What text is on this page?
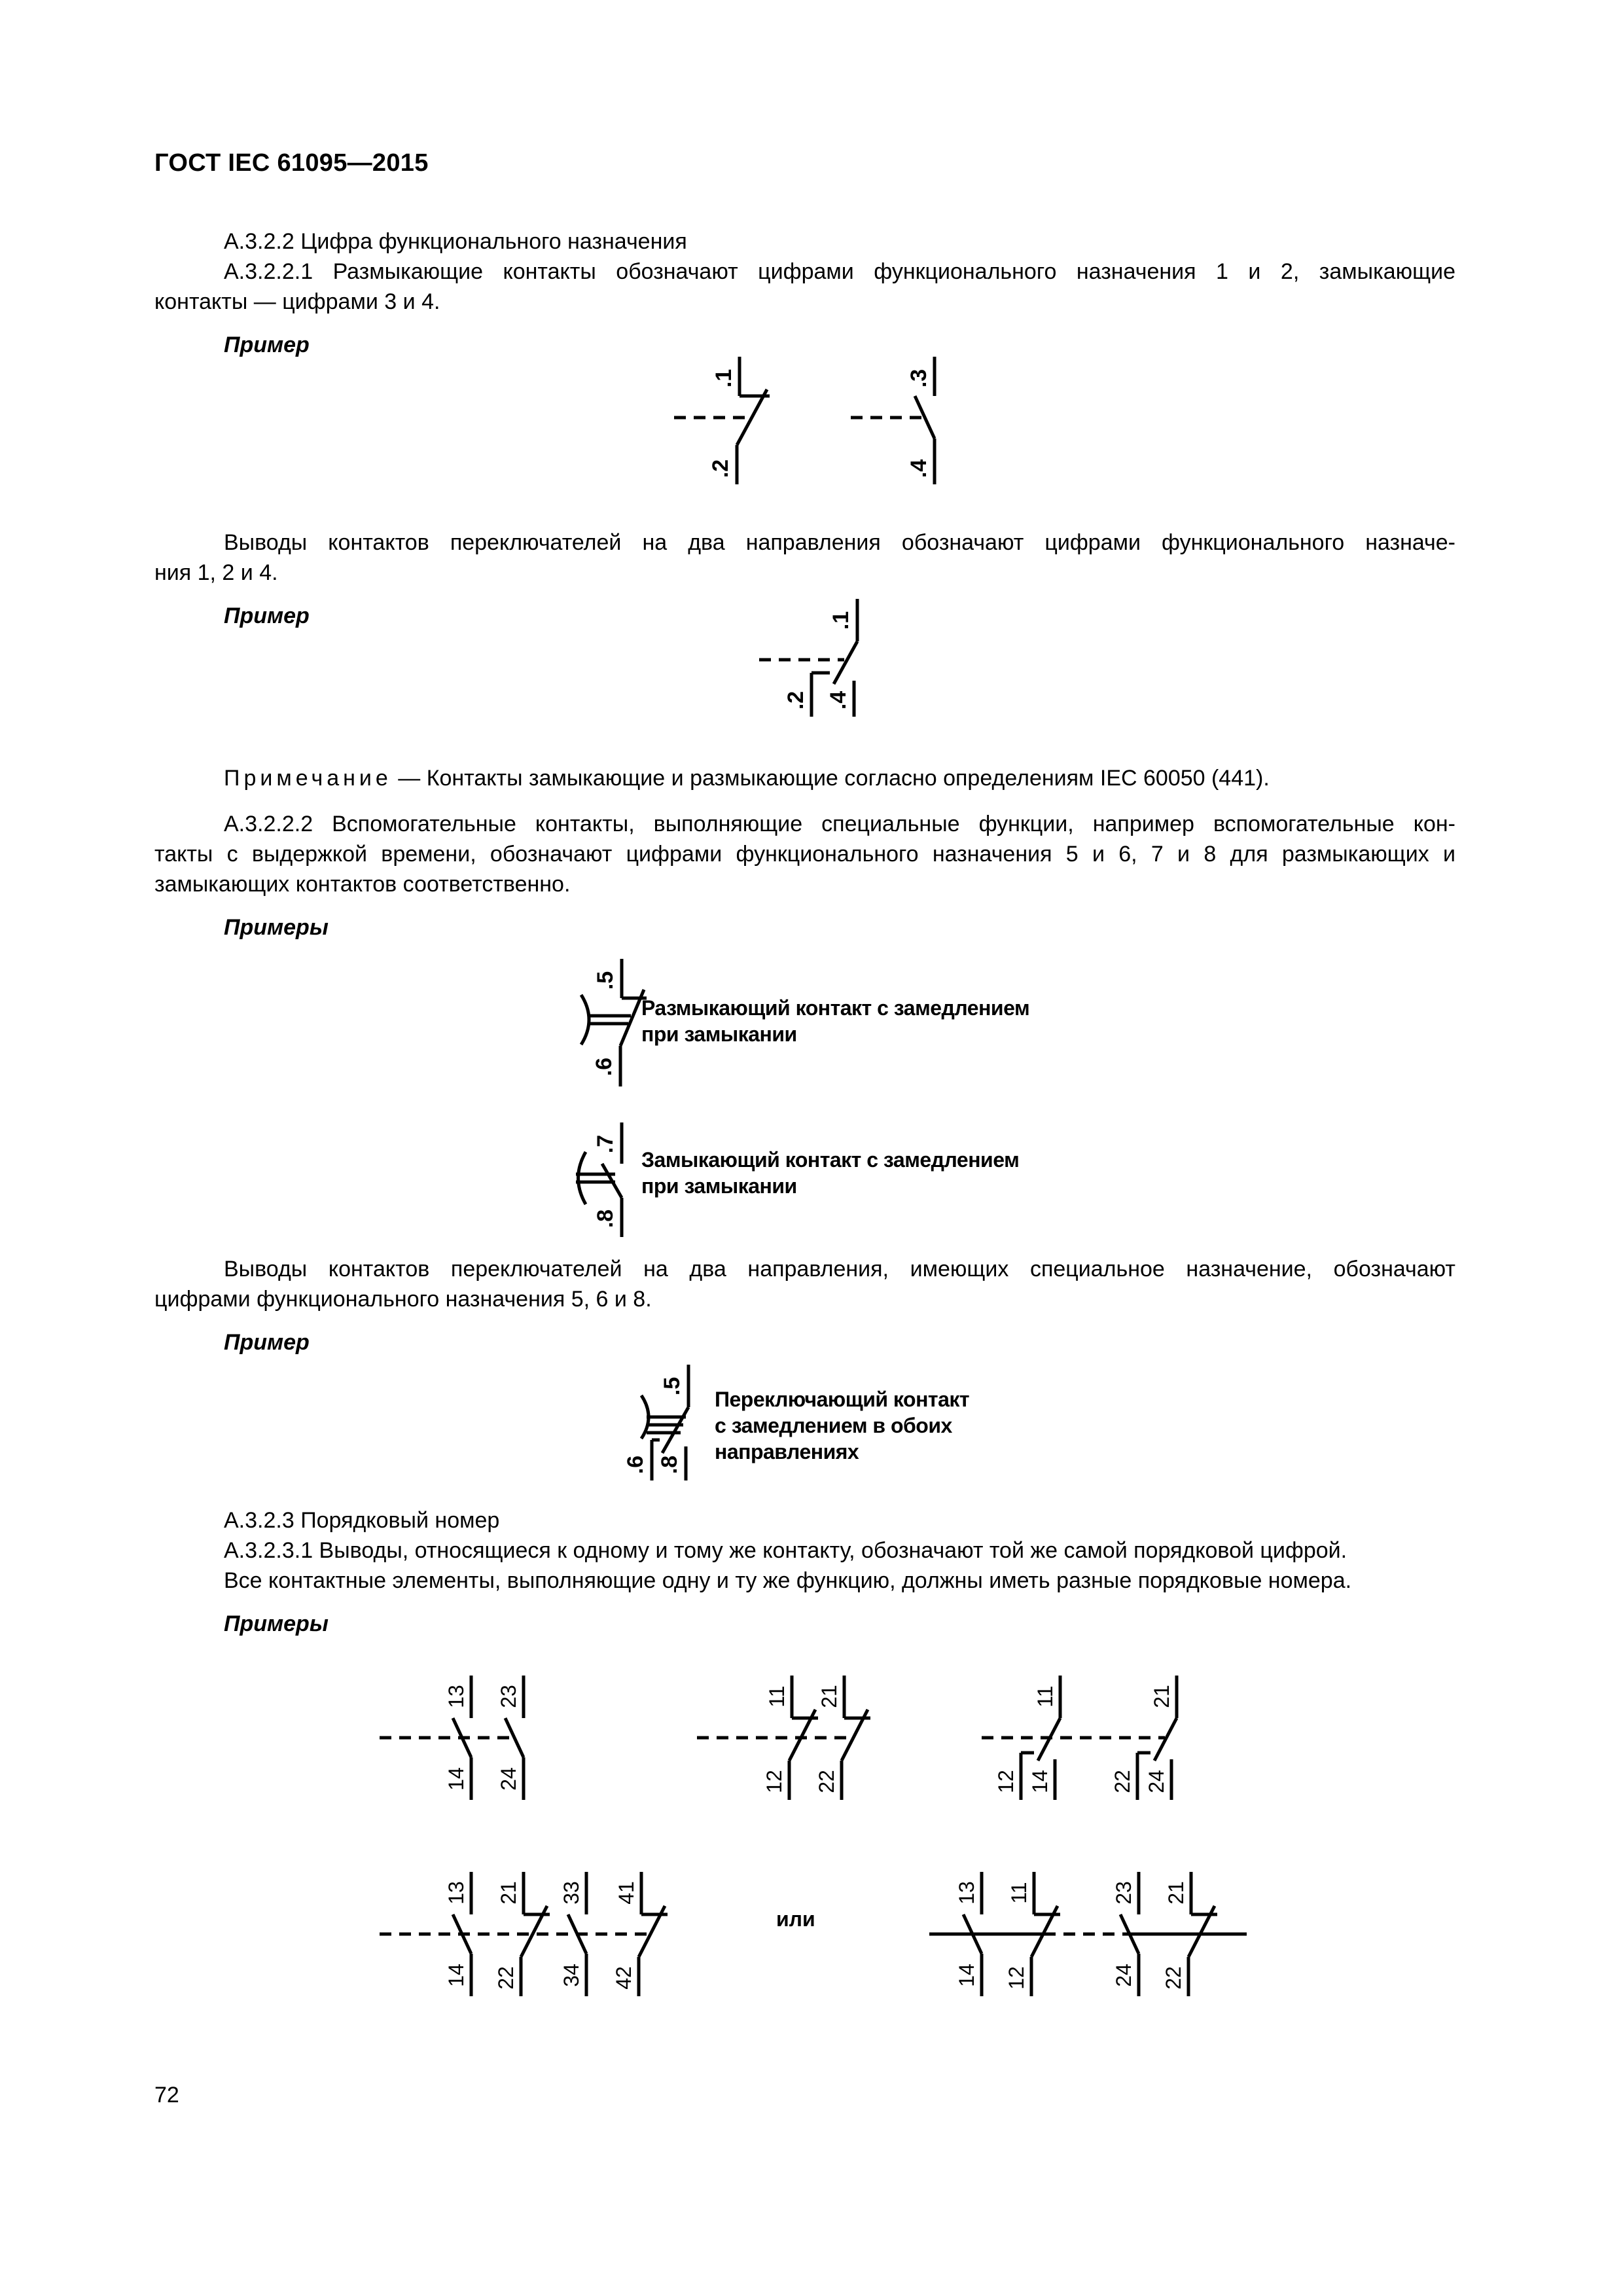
ГОСТ IEC 61095—2015
А.3.2.2 Цифра функционального назначения
А.3.2.2.1 Размыкающие контакты обозначают цифрами функционального назначения 1 и 2, замыкающие
контакты — цифрами 3 и 4.
Пример
.1
.2
.3
.4
Выводы контактов переключателей на два направления обозначают цифрами функционального назначе-
ния 1, 2 и 4.
Пример	.1
.2 .4
Примечание — Контакты замыкающие и размыкающие согласно определениям IEC 60050 (441).
А.3.2.2.2 Вспомогательные контакты, выполняющие специальные функции, например вспомогательные кон-
такты с выдержкой времени, обозначают цифрами функционального назначения 5 и 6, 7 и 8 для размыкающих и
замыкающих контактов соответственно.
Примеры
.5
.6
Размыкающий контакт с замедлением
при замыкании
.7
.8
Замыкающий контакт с замедлением
при замыкании
Выводы контактов переключателей на два направления, имеющих специальное назначение, обозначают
цифрами функционального назначения 5, 6 и 8.
Пример
.5
.6 .8
Переключающий контакт
с замедлением в обоих
направлениях
А.3.2.3 Порядковый номер
А.3.2.3.1 Выводы, относящиеся к одному и тому же контакту, обозначают той же самой порядковой цифрой.
Все контактные элементы, выполняющие одну и ту же функцию, должны иметь разные порядковые номера.
Примеры
13
14
23
24
11
12
21
22
11
12 14
21
22 24
13
14
21
22
33
34
41
42
или
13
14
11
12
23
24
21
22
72
